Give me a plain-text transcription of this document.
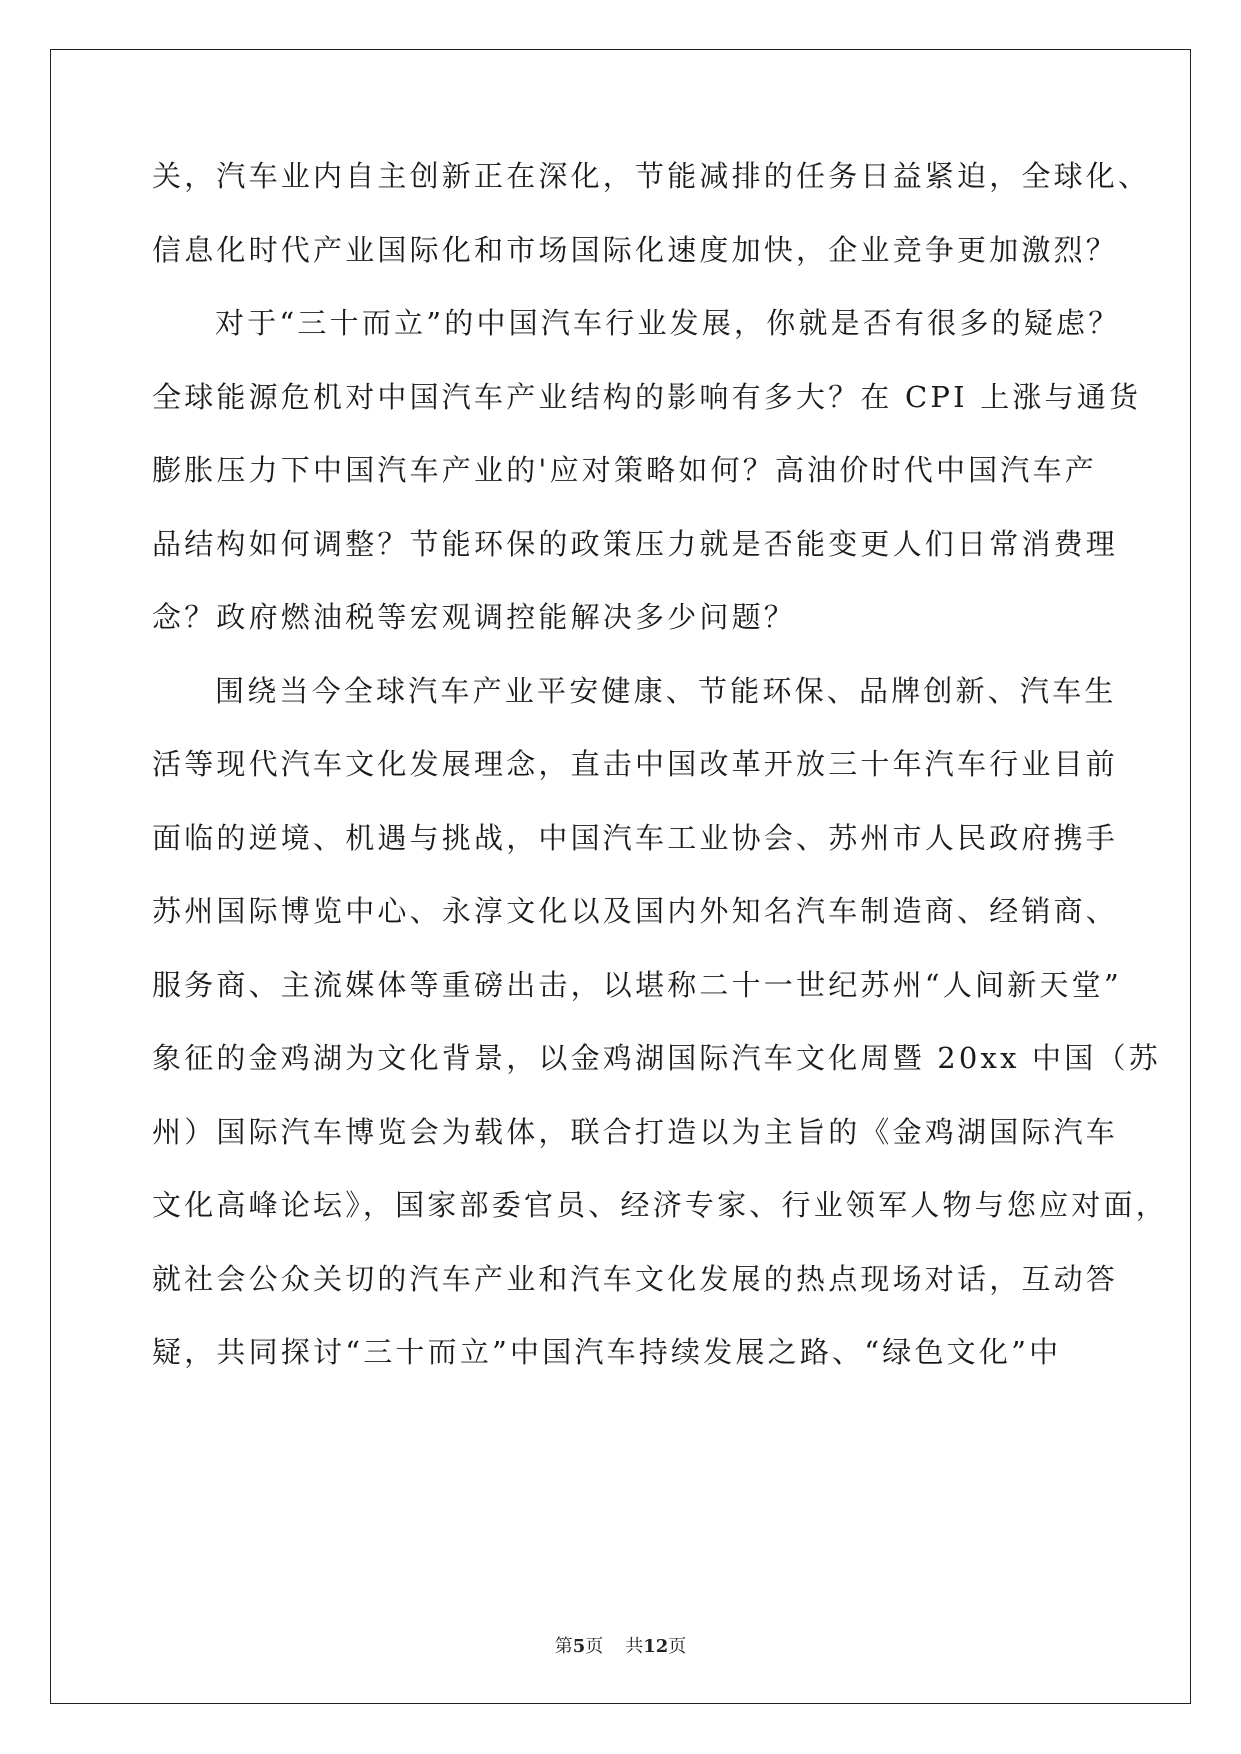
关，汽车业内自主创新正在深化，节能减排的任务日益紧迫，全球化、
信息化时代产业国际化和市场国际化速度加快，企业竞争更加激烈？
对于“三十而立”的中国汽车行业发展，你就是否有很多的疑虑？
全球能源危机对中国汽车产业结构的影响有多大？在 CPI 上涨与通货
膨胀压力下中国汽车产业的'应对策略如何？高油价时代中国汽车产
品结构如何调整？节能环保的政策压力就是否能变更人们日常消费理
念？政府燃油税等宏观调控能解决多少问题？
围绕当今全球汽车产业平安健康、节能环保、品牌创新、汽车生
活等现代汽车文化发展理念，直击中国改革开放三十年汽车行业目前
面临的逆境、机遇与挑战，中国汽车工业协会、苏州市人民政府携手
苏州国际博览中心、永淳文化以及国内外知名汽车制造商、经销商、
服务商、主流媒体等重磅出击，以堪称二十一世纪苏州“人间新天堂”
象征的金鸡湖为文化背景，以金鸡湖国际汽车文化周暨 20xx 中国（苏
州）国际汽车博览会为载体，联合打造以为主旨的《金鸡湖国际汽车
文化高峰论坛》，国家部委官员、经济专家、行业领军人物与您应对面，
就社会公众关切的汽车产业和汽车文化发展的热点现场对话，互动答
疑，共同探讨“三十而立”中国汽车持续发展之路、“绿色文化”中
第5页 共12页
